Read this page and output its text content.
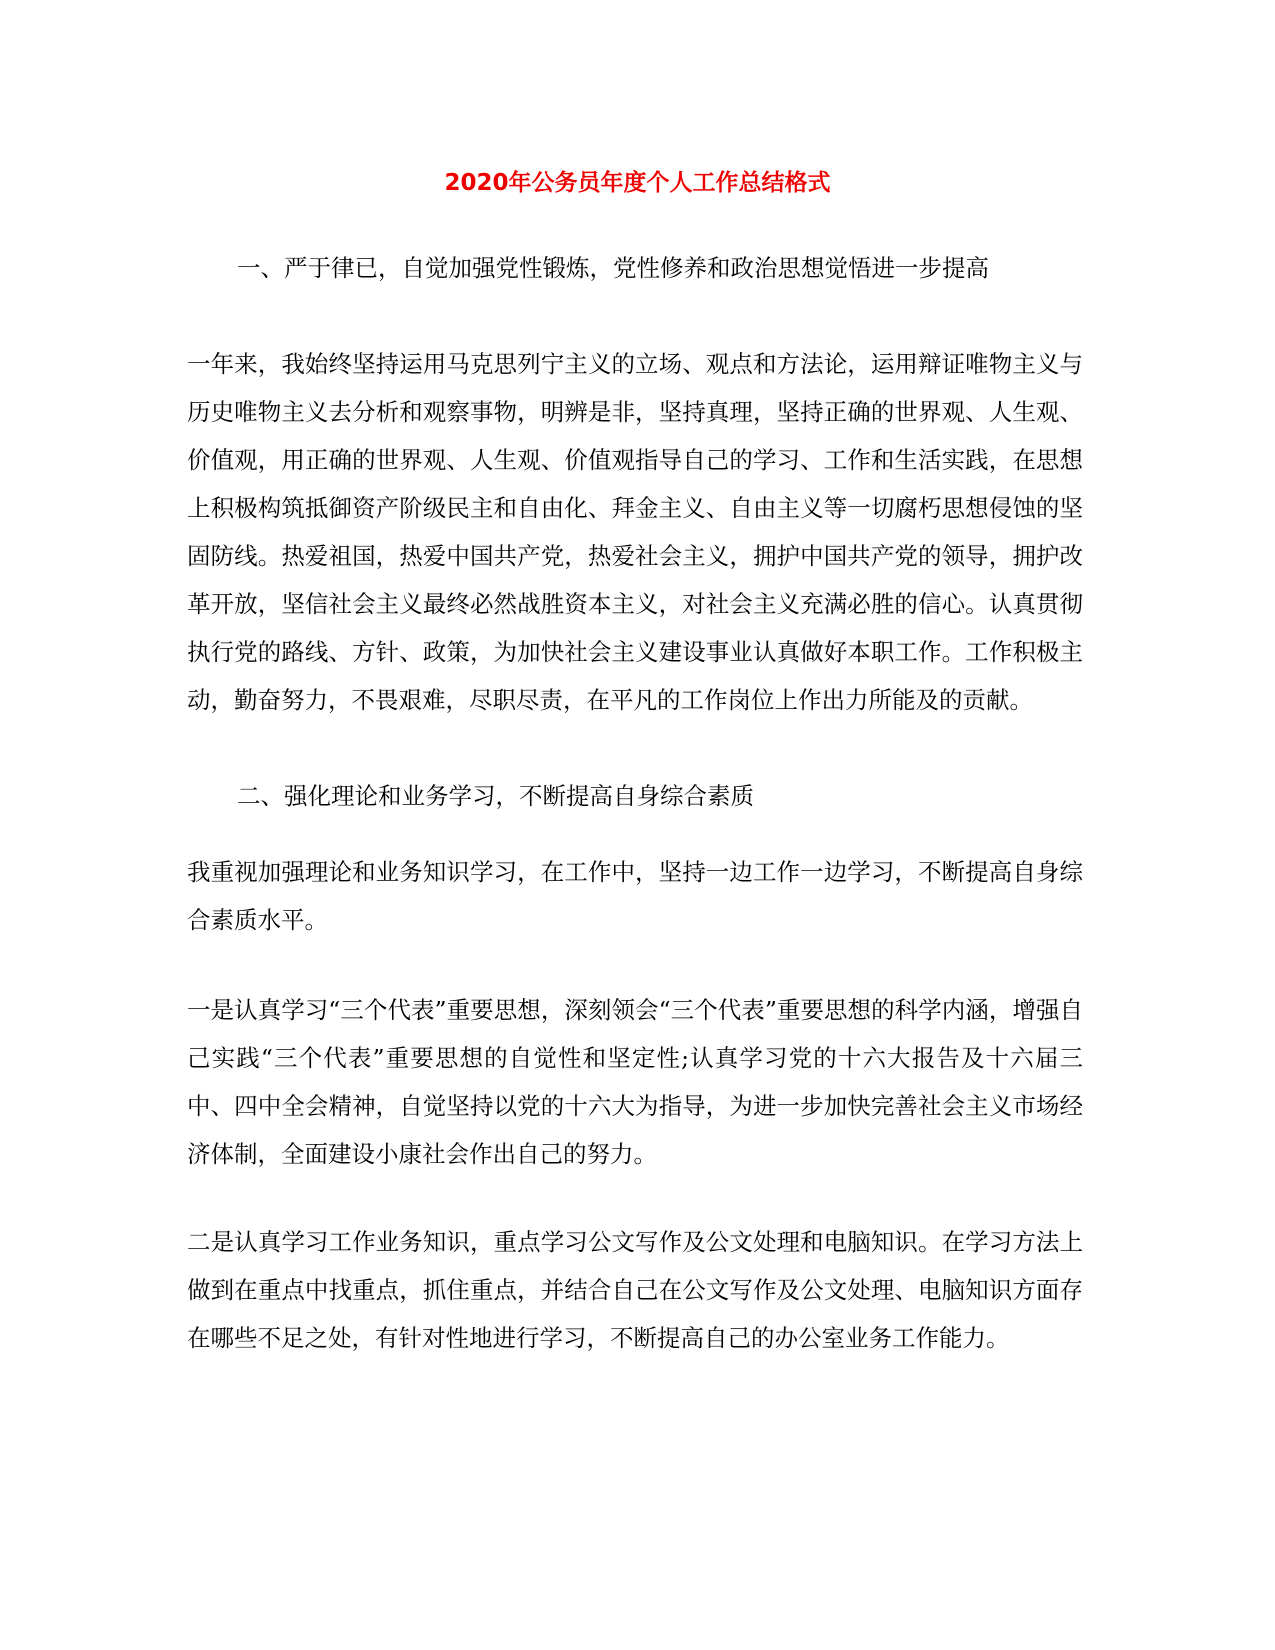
2020年公务员年度个人工作总结格式
一、严于律已，自觉加强党性锻炼，党性修养和政治思想觉悟进一步提高
一年来，我始终坚持运用马克思列宁主义的立场、观点和方法论，运用辩证唯物主义与历史唯物主义去分析和观察事物，明辨是非，坚持真理，坚持正确的世界观、人生观、价值观，用正确的世界观、人生观、价值观指导自己的学习、工作和生活实践，在思想上积极构筑抵御资产阶级民主和自由化、拜金主义、自由主义等一切腐朽思想侵蚀的坚固防线。热爱祖国，热爱中国共产党，热爱社会主义，拥护中国共产党的领导，拥护改革开放，坚信社会主义最终必然战胜资本主义，对社会主义充满必胜的信心。认真贯彻执行党的路线、方针、政策，为加快社会主义建设事业认真做好本职工作。工作积极主动，勤奋努力，不畏艰难，尽职尽责，在平凡的工作岗位上作出力所能及的贡献。
二、强化理论和业务学习，不断提高自身综合素质
我重视加强理论和业务知识学习，在工作中，坚持一边工作一边学习，不断提高自身综合素质水平。
一是认真学习“三个代表”重要思想，深刻领会“三个代表”重要思想的科学内涵，增强自己实践“三个代表”重要思想的自觉性和坚定性;认真学习党的十六大报告及十六届三中、四中全会精神，自觉坚持以党的十六大为指导，为进一步加快完善社会主义市场经济体制，全面建设小康社会作出自己的努力。
二是认真学习工作业务知识，重点学习公文写作及公文处理和电脑知识。在学习方法上做到在重点中找重点，抓住重点，并结合自己在公文写作及公文处理、电脑知识方面存在哪些不足之处，有针对性地进行学习，不断提高自己的办公室业务工作能力。
